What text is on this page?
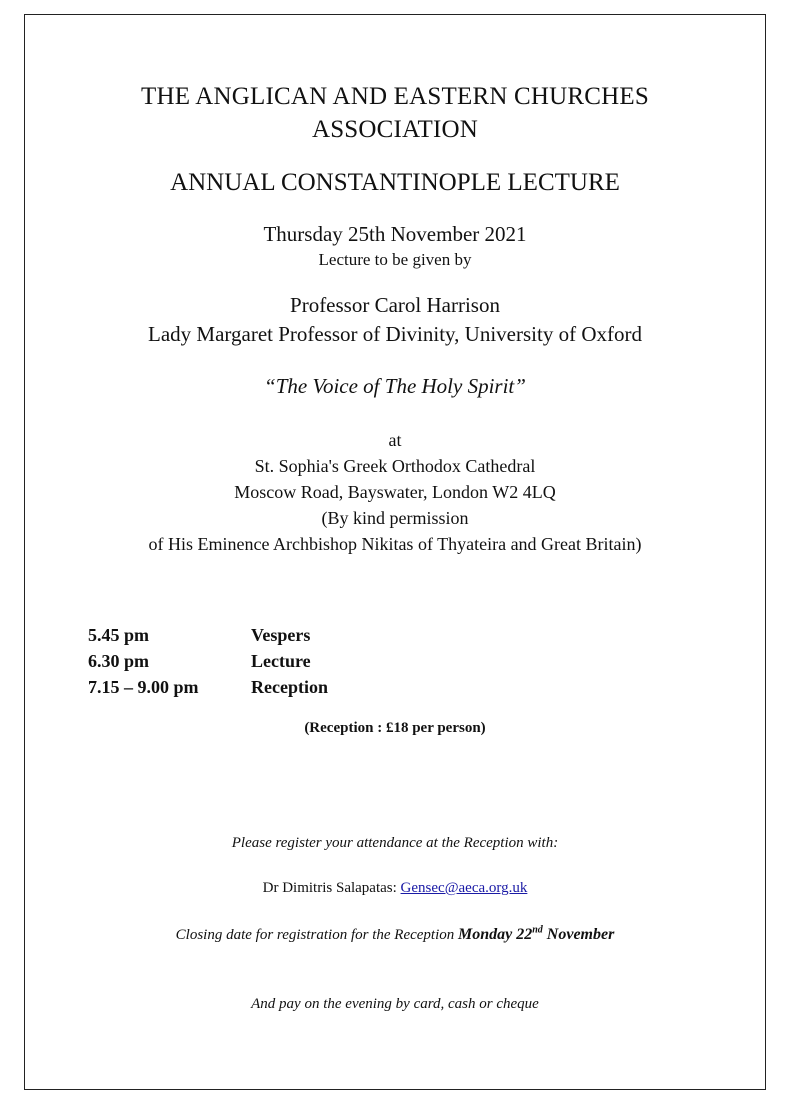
THE ANGLICAN AND EASTERN CHURCHES
ASSOCIATION
ANNUAL CONSTANTINOPLE LECTURE
Thursday 25th November 2021
Lecture to be given by
Professor Carol Harrison
Lady Margaret Professor of Divinity, University of Oxford
“The Voice of The Holy Spirit”
at
St. Sophia's Greek Orthodox Cathedral
Moscow Road, Bayswater, London W2 4LQ
(By kind permission
of His Eminence Archbishop Nikitas of Thyateira and Great Britain)
5.45 pm	Vespers
6.30 pm	Lecture
7.15 – 9.00 pm	Reception
(Reception : £18 per person)
Please register your attendance at the Reception with:
Dr Dimitris Salapatas: Gensec@aeca.org.uk
Closing date for registration for the Reception Monday 22nd November
And pay on the evening by card, cash or cheque
